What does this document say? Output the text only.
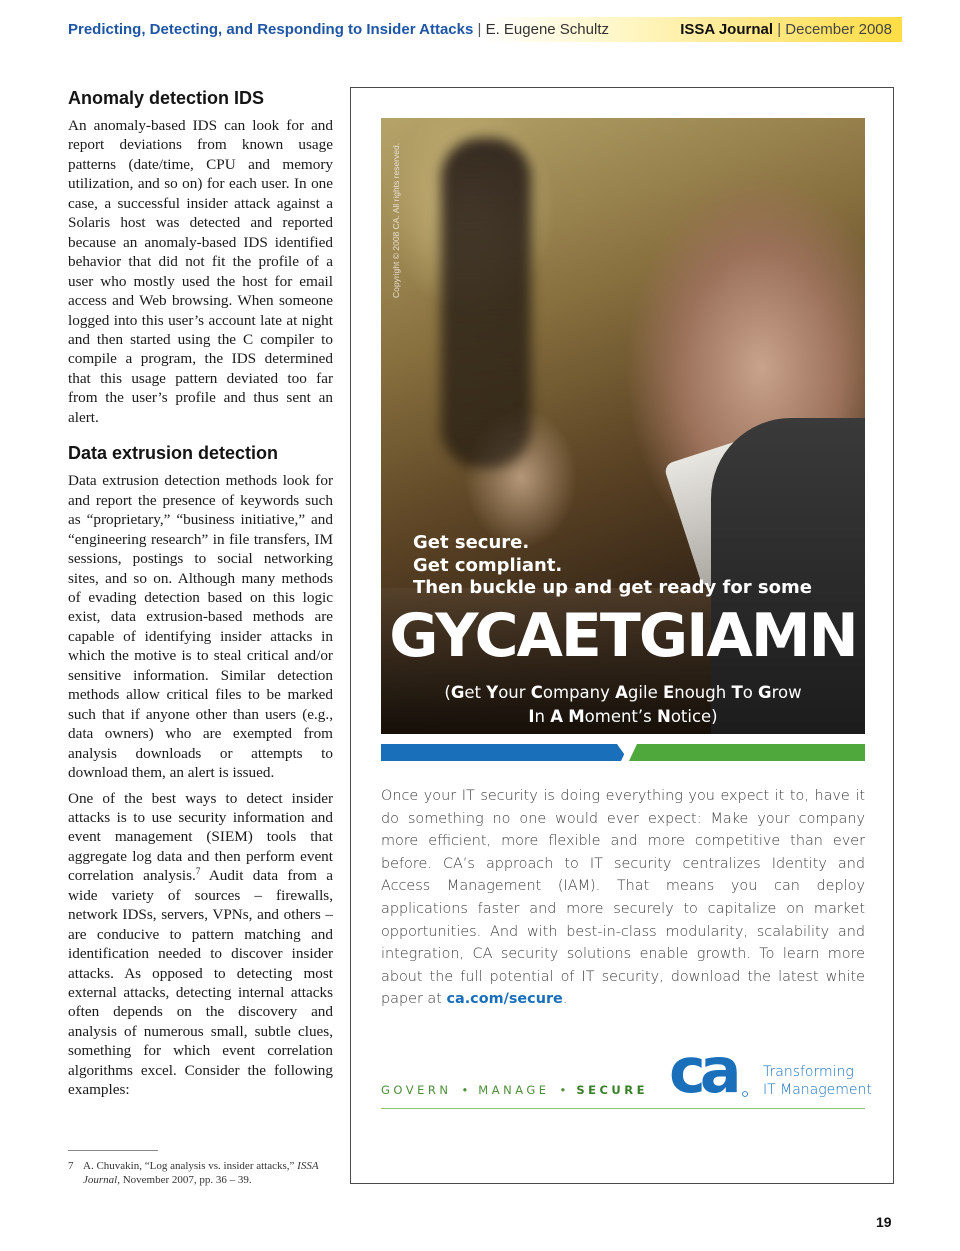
Predicting, Detecting, and Responding to Insider Attacks | E. Eugene Schultz	ISSA Journal | December 2008
Anomaly detection IDS

An anomaly-based IDS can look for and report deviations from known usage patterns (date/time, CPU and memory utilization, and so on) for each user. In one case, a successful insider attack against a Solaris host was detected and reported because an anomaly-based IDS identified behavior that did not fit the profile of a user who mostly used the host for email access and Web browsing. When someone logged into this user’s account late at night and then started using the C compiler to compile a program, the IDS determined that this usage pattern deviated too far from the user’s profile and thus sent an alert.

Data extrusion detection

Data extrusion detection methods look for and report the presence of keywords such as “proprietary,” “business initiative,” and “engineering research” in file transfers, IM sessions, postings to social networking sites, and so on. Although many methods of evading detection based on this logic exist, data extrusion-based methods are capable of identifying insider attacks in which the motive is to steal critical and/or sensitive information. Similar detection methods allow critical files to be marked such that if anyone other than users (e.g., data owners) who are exempted from analysis downloads or attempts to download them, an alert is issued.

One of the best ways to detect insider attacks is to use security information and event management (SIEM) tools that aggregate log data and then perform event correlation analysis.$^7$ Audit data from a wide variety of sources – firewalls, network IDSs, servers, VPNs, and others – are conducive to pattern matching and identification needed to discover insider attacks. As opposed to detecting most external attacks, detecting internal attacks often depends on the discovery and analysis of numerous small, subtle clues, something for which event correlation algorithms excel. Consider the following examples:

7 A. Chuvakin, “Log analysis vs. insider attacks,” ISSA Journal, November 2007, pp. 36 – 39.
Copyright © 2008 CA. All rights reserved.
Get secure.
Get compliant.
Then buckle up and get ready for some
GYCAETGIAMN
(Get Your Company Agile Enough To Grow
In A Moment’s Notice)
Once your IT security is doing everything you expect it to, have it do something no one would ever expect: Make your company more efficient, more flexible and more competitive than ever before. CA’s approach to IT security centralizes Identity and Access Management (IAM). That means you can deploy applications faster and more securely to capitalize on market opportunities. And with best-in-class modularity, scalability and integration, CA security solutions enable growth. To learn more about the full potential of IT security, download the latest white paper at ca.com/secure.
GOVERN • MANAGE • SECURE ca Transforming
IT Management
19
